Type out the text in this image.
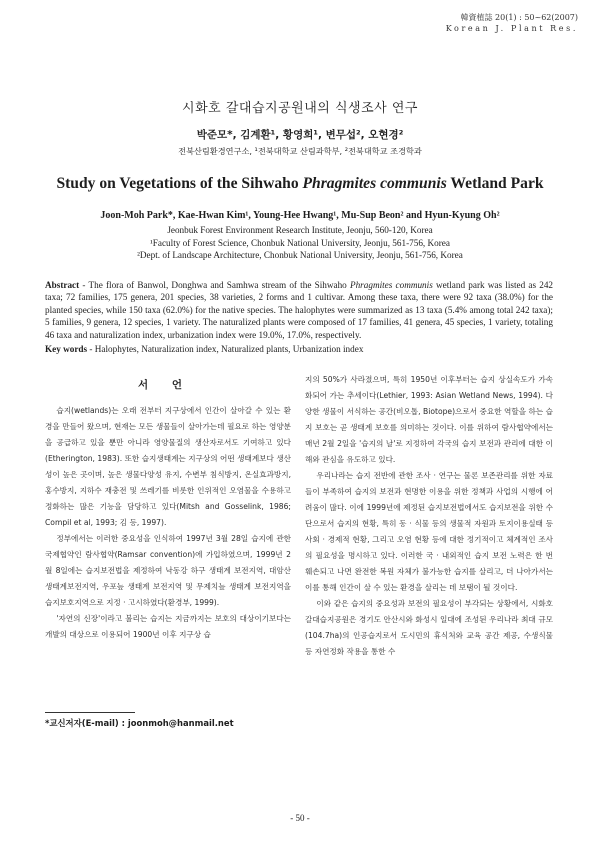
韓資植誌 20(1) : 50~62(2007)
Korean J. Plant Res.
시화호 갈대습지공원내의 식생조사 연구
박준모*, 김계환¹, 황영희¹, 변무섭², 오현경²
전북산림환경연구소, ¹전북대학교 산림과학부, ²전북대학교 조경학과
Study on Vegetations of the Sihwaho Phragmites communis Wetland Park
Joon-Moh Park*, Kae-Hwan Kim¹, Young-Hee Hwang¹, Mu-Sup Beon² and Hyun-Kyung Oh²
Jeonbuk Forest Environment Research Institute, Jeonju, 560-120, Korea
¹Faculty of Forest Science, Chonbuk National University, Jeonju, 561-756, Korea
²Dept. of Landscape Architecture, Chonbuk National University, Jeonju, 561-756, Korea
Abstract - The flora of Banwol, Donghwa and Samhwa stream of the Sihwaho Phragmites communis wetland park was listed as 242 taxa; 72 families, 175 genera, 201 species, 38 varieties, 2 forms and 1 cultivar. Among these taxa, there were 92 taxa (38.0%) for the planted species, while 150 taxa (62.0%) for the native species. The halophytes were summarized as 13 taxa (5.4% among total 242 taxa); 5 families, 9 genera, 12 species, 1 variety. The naturalized plants were composed of 17 families, 41 genera, 45 species, 1 variety, totaling 46 taxa and naturalization index, urbanization index were 19.0%, 17.0%, respectively.
Key words - Halophytes, Naturalization index, Naturalized plants, Urbanization index
서 언

습지(wetlands)는 오래 전부터 지구상에서 인간이 살아갈 수 있는 환경을 만들어 왔으며, 현재는 모든 생물들이 살아가는데 필요로 하는 영양분을 공급하고 있을 뿐만 아니라 영양물질의 생산자로서도 기여하고 있다(Etherington, 1983). 또한 습지생태계는 지구상의 어떤 생태계보다 생산성이 높은 곳이며, 높은 생물다양성 유지, 수변부 침식방지, 온실효과방지, 홍수방지, 지하수 재충전 및 쓰레기를 비롯한 인위적인 오염물을 수용하고 정화하는 많은 기능을 담당하고 있다(Mitsh and Gosselink, 1986; Compil et al, 1993; 김 등, 1997).

정부에서는 이러한 중요성을 인식하여 1997년 3월 28일 습지에 관한 국제협약인 람사협약(Ramsar convention)에 가입하였으며, 1999년 2월 8일에는 습지보전법을 제정하여 낙동강 하구 생태계 보전지역, 대암산 생태계보전지역, 우포늪 생태계 보전지역 및 무제치늪 생태계 보전지역을 습지보호지역으로 지정 · 고시하였다(환경부, 1999).

'자연의 신장'이라고 불리는 습지는 지금까지는 보호의 대상이기보다는 개발의 대상으로 이용되어 1900년 이후 지구상 습

지의 50%가 사라졌으며, 특히 1950년 이후부터는 습지 상실속도가 가속화되어 가는 추세이다(Lethier, 1993: Asian Wetland News, 1994). 다양한 생물이 서식하는 공간(비오톱, Biotope)으로서 중요한 역할을 하는 습지 보호는 곧 생태계 보호를 의미하는 것이다. 이를 위하여 람사협약에서는 매년 2월 2일을 '습지의 날'로 지정하여 각국의 습지 보전과 관리에 대한 이해와 관심을 유도하고 있다.

우리나라는 습지 전반에 관한 조사 · 연구는 물론 보존관리를 위한 자료들이 부족하여 습지의 보전과 현명한 이용을 위한 정책과 사업의 시행에 어려움이 많다. 이에 1999년에 제정된 습지보전법에서도 습지보전을 위한 수단으로서 습지의 현황, 특히 동 · 식물 등의 생물적 자원과 토지이용실태 등 사회 · 경제적 현황, 그리고 오염 현황 등에 대한 정기적이고 체계적인 조사의 필요성을 명시하고 있다. 이러한 국 · 내외적인 습지 보전 노력은 한 번 훼손되고 나면 완전한 복원 자체가 불가능한 습지를 살리고, 더 나아가서는 이를 통해 인간이 살 수 있는 환경을 살리는 데 보탬이 될 것이다.

이와 같은 습지의 중요성과 보전의 필요성이 부각되는 상황에서, 시화호 갈대습지공원은 경기도 안산시와 화성시 일대에 조성된 우리나라 최대 규모(104.7ha)의 인공습지로서 도시민의 휴식처와 교육 공간 제공, 수생식물 등 자연정화 작용을 통한 수

*교신저자(E-mail) : joonmoh@hanmail.net
- 50 -
